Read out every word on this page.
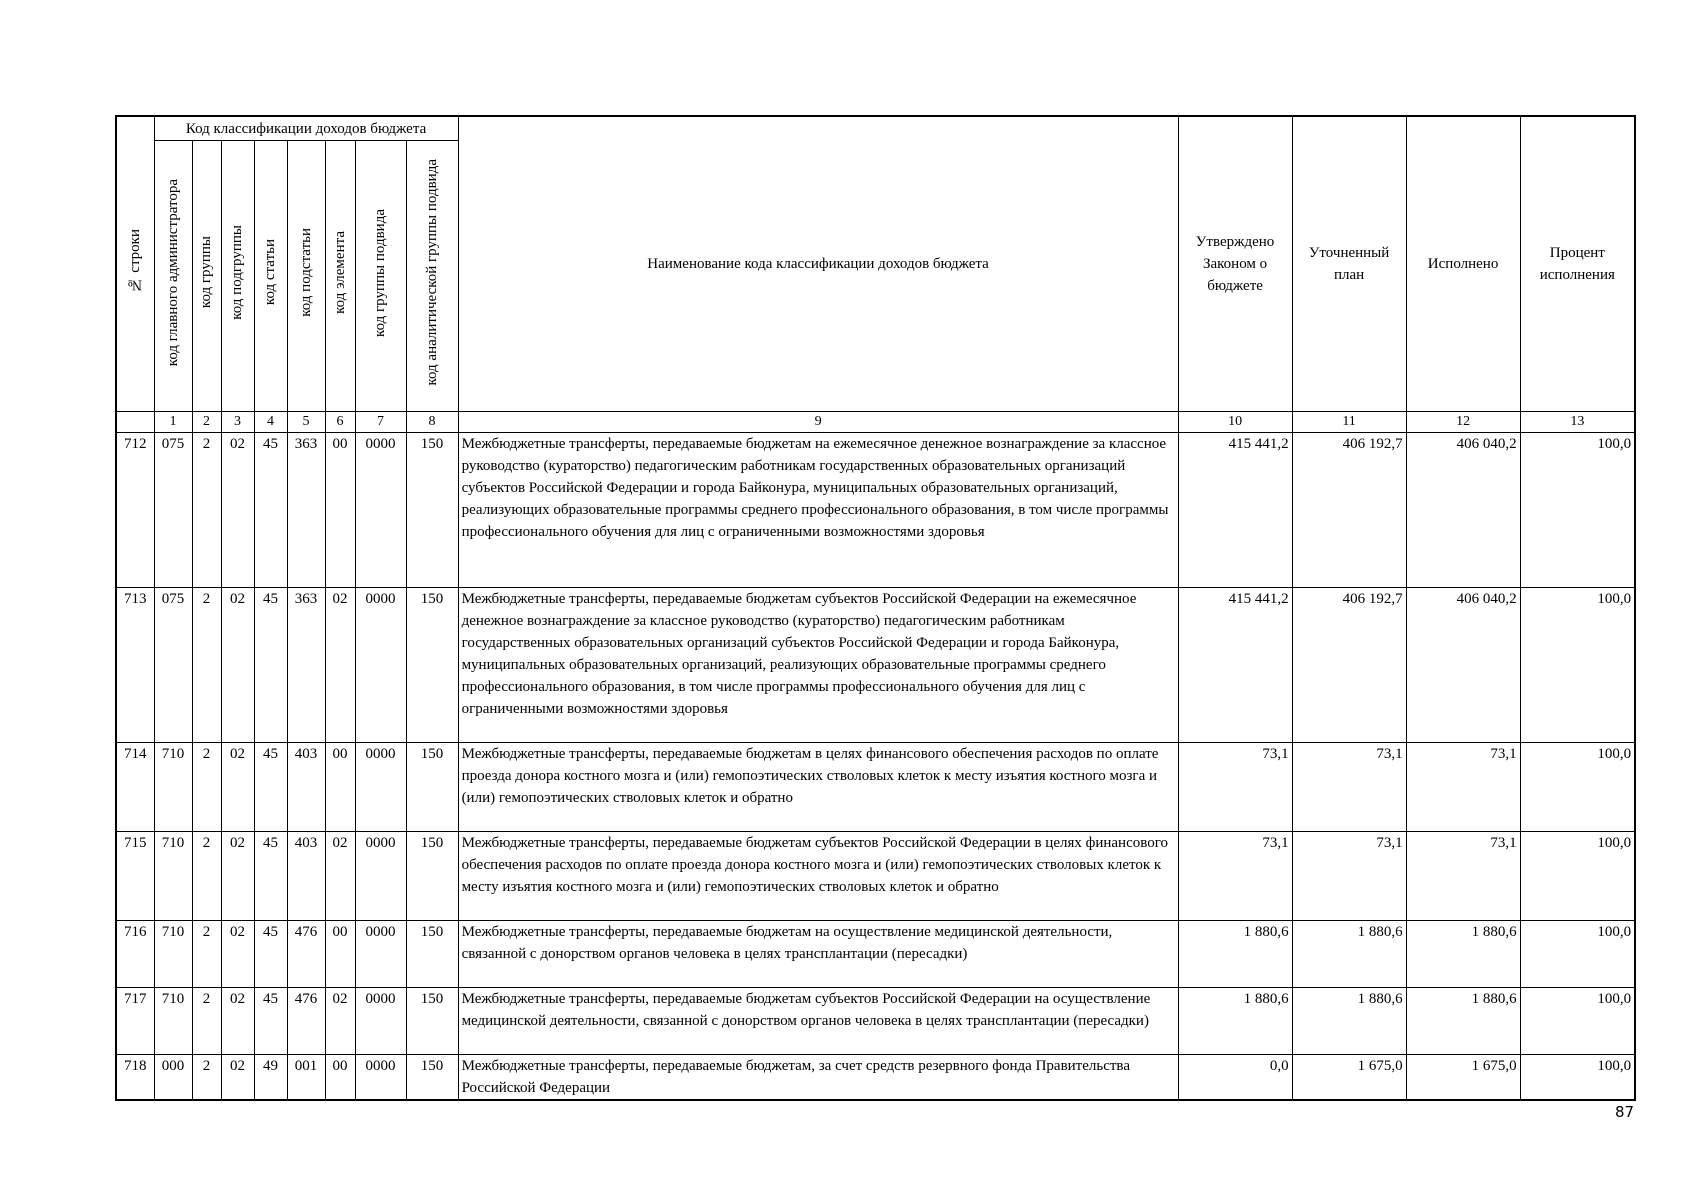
№ строки	Код классификации доходов бюджета								Наименование кода классификации доходов бюджета	Утверждено Законом о бюджете	Уточненный план	Исполнено	Процент исполнения
	код главного администратора	код группы	код подгруппы	код статьи	код подстатьи	код элемента	код группы подвида	код аналитической группы подвида					
	1	2	3	4	5	6	7	8	9	10	11	12	13
712	075	2	02	45	363	00	0000	150	Межбюджетные трансферты, передаваемые бюджетам на ежемесячное денежное вознаграждение за классное руководство (кураторство) педагогическим работникам государственных образовательных организаций субъектов Российской Федерации и города Байконура, муниципальных образовательных организаций, реализующих образовательные программы среднего профессионального образования, в том числе программы профессионального обучения для лиц с ограниченными возможностями здоровья	415 441,2	406 192,7	406 040,2	100,0
713	075	2	02	45	363	02	0000	150	Межбюджетные трансферты, передаваемые бюджетам субъектов Российской Федерации на ежемесячное денежное вознаграждение за классное руководство (кураторство) педагогическим работникам государственных образовательных организаций субъектов Российской Федерации и города Байконура, муниципальных образовательных организаций, реализующих образовательные программы среднего профессионального образования, в том числе программы профессионального обучения для лиц с ограниченными возможностями здоровья	415 441,2	406 192,7	406 040,2	100,0
714	710	2	02	45	403	00	0000	150	Межбюджетные трансферты, передаваемые бюджетам в целях финансового обеспечения расходов по оплате проезда донора костного мозга и (или) гемопоэтических стволовых клеток к месту изъятия костного мозга и (или) гемопоэтических стволовых клеток и обратно	73,1	73,1	73,1	100,0
715	710	2	02	45	403	02	0000	150	Межбюджетные трансферты, передаваемые бюджетам субъектов Российской Федерации в целях финансового обеспечения расходов по оплате проезда донора костного мозга и (или) гемопоэтических стволовых клеток к месту изъятия костного мозга и (или) гемопоэтических стволовых клеток и обратно	73,1	73,1	73,1	100,0
716	710	2	02	45	476	00	0000	150	Межбюджетные трансферты, передаваемые бюджетам на осуществление медицинской деятельности, связанной с донорством органов человека в целях трансплантации (пересадки)	1 880,6	1 880,6	1 880,6	100,0
717	710	2	02	45	476	02	0000	150	Межбюджетные трансферты, передаваемые бюджетам субъектов Российской Федерации на осуществление медицинской деятельности, связанной с донорством органов человека в целях трансплантации (пересадки)	1 880,6	1 880,6	1 880,6	100,0
718	000	2	02	49	001	00	0000	150	Межбюджетные трансферты, передаваемые бюджетам, за счет средств резервного фонда Правительства Российской Федерации	0,0	1 675,0	1 675,0	100,0
87
